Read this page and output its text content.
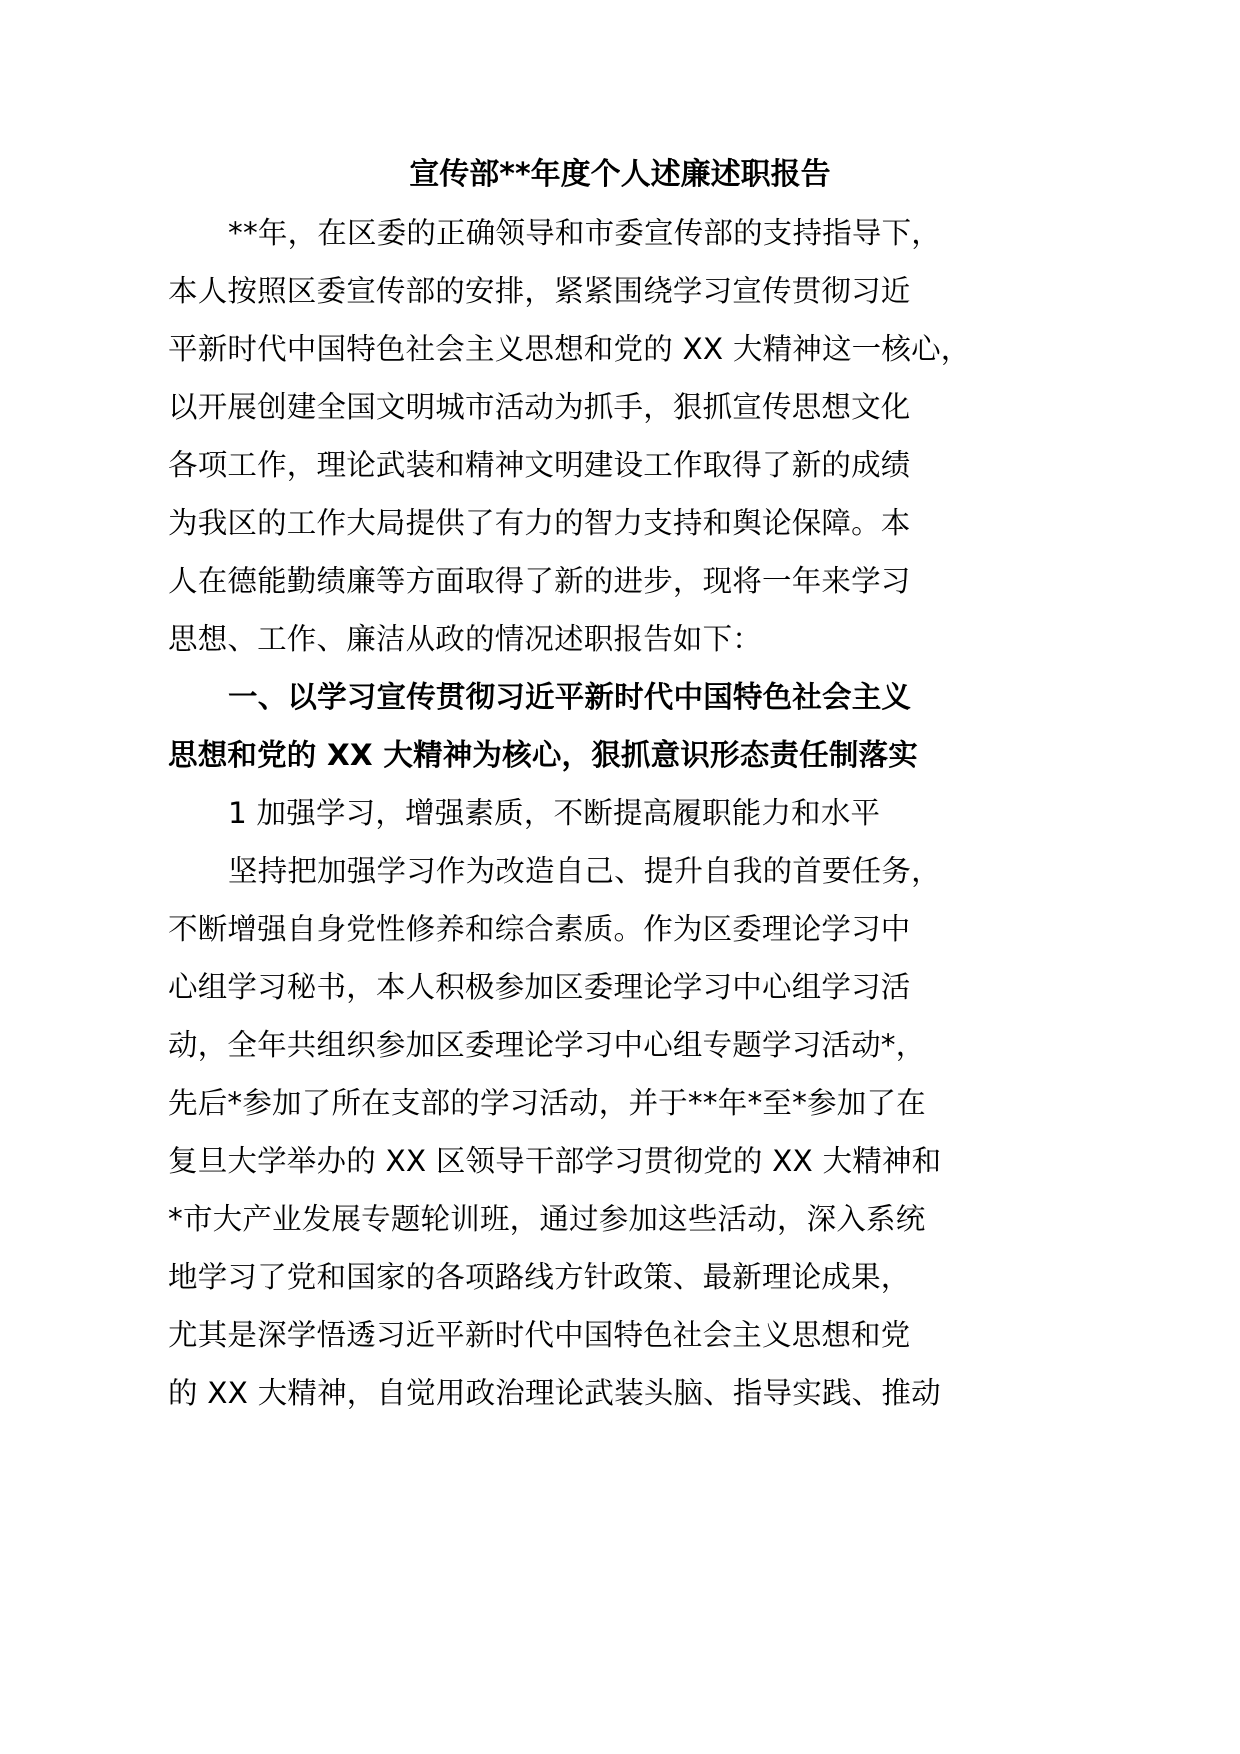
宣传部**年度个人述廉述职报告
**年，在区委的正确领导和市委宣传部的支持指导下，
本人按照区委宣传部的安排，紧紧围绕学习宣传贯彻习近
平新时代中国特色社会主义思想和党的 XX 大精神这一核心，
以开展创建全国文明城市活动为抓手，狠抓宣传思想文化
各项工作，理论武装和精神文明建设工作取得了新的成绩
为我区的工作大局提供了有力的智力支持和舆论保障。本
人在德能勤绩廉等方面取得了新的进步，现将一年来学习
思想、工作、廉洁从政的情况述职报告如下：
一、以学习宣传贯彻习近平新时代中国特色社会主义
思想和党的 XX 大精神为核心，狠抓意识形态责任制落实
1 加强学习，增强素质，不断提高履职能力和水平
坚持把加强学习作为改造自己、提升自我的首要任务，
不断增强自身党性修养和综合素质。作为区委理论学习中
心组学习秘书，本人积极参加区委理论学习中心组学习活
动，全年共组织参加区委理论学习中心组专题学习活动*，
先后*参加了所在支部的学习活动，并于**年*至*参加了在
复旦大学举办的 XX 区领导干部学习贯彻党的 XX 大精神和
*市大产业发展专题轮训班，通过参加这些活动，深入系统
地学习了党和国家的各项路线方针政策、最新理论成果，
尤其是深学悟透习近平新时代中国特色社会主义思想和党
的 XX 大精神，自觉用政治理论武装头脑、指导实践、推动
